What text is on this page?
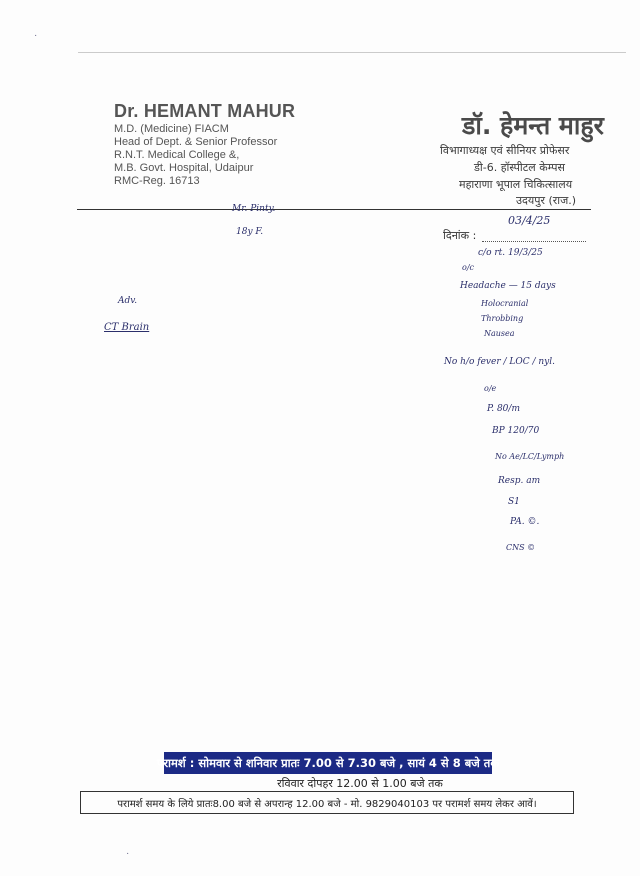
·
·
Dr. HEMANT MAHUR
M.D. (Medicine) FIACM
Head of Dept. & Senior Professor
R.N.T. Medical College &,
M.B. Govt. Hospital, Udaipur
RMC-Reg. 16713
डॉ. हेमन्त माहुर
विभागाध्यक्ष एवं सीनियर प्रोफेसर
डी-6. हॉस्पीटल केम्पस
महाराणा भूपाल चिकित्सालय
उदयपुर (राज.)
दिनांक :
Mr. Pinty.
18y F.
03/4/25
Adv.
CT Brain
c/o rt. 19/3/25
o/c
Headache — 15 days
Holocranial
Throbbing
Nausea
No h/o fever / LOC / nyl.
o/e
P. 80/m
BP 120/70
No Ae/LC/Lymph
Resp. am
S1
PA. ©.
CNS ©
परामर्श : सोमवार से शनिवार प्रातः 7.00 से 7.30 बजे , सायं 4 से 8 बजे तक
रविवार दोपहर 12.00 से 1.00 बजे तक
परामर्श समय के लिये प्रातः8.00 बजे से अपरान्ह 12.00 बजे - मो. 9829040103 पर परामर्श समय लेकर आवें।
